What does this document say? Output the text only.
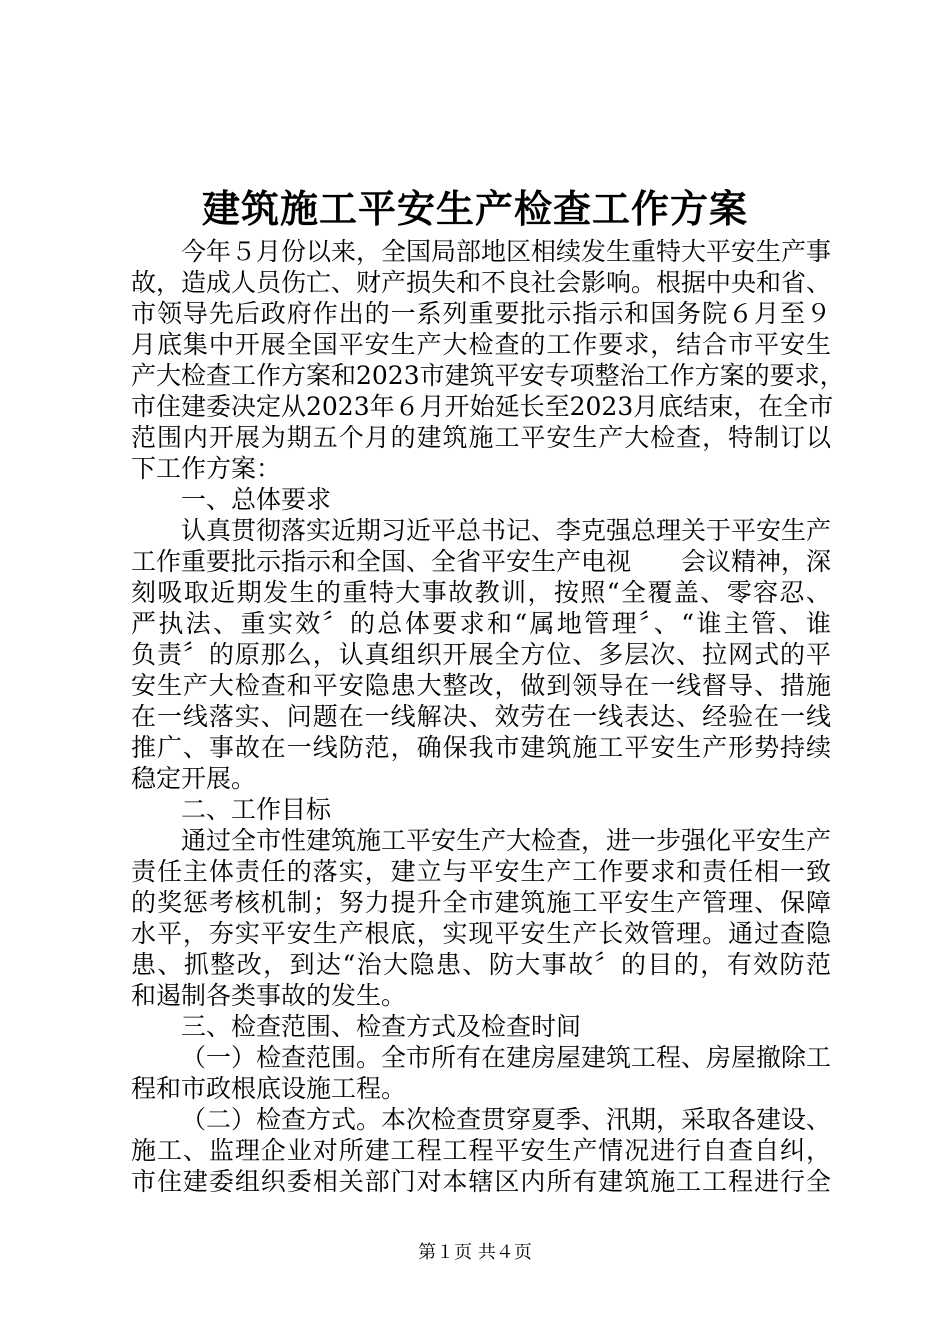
建筑施工平安生产检查工作方案
今年５月份以来，全国局部地区相续发生重特大平安生产事
故，造成人员伤亡、财产损失和不良社会影响。根据中央和省、
市领导先后政府作出的一系列重要批示指示和国务院６月至９
月底集中开展全国平安生产大检查的工作要求，结合市平安生
产大检查工作方案和2023市建筑平安专项整治工作方案的要求，
市住建委决定从2023年６月开始延长至2023月底结束，在全市
范围内开展为期五个月的建筑施工平安生产大检查，特制订以
下工作方案：
一、总体要求
认真贯彻落实近期习近平总书记、李克强总理关于平安生产
工作重要批示指示和全国、全省平安生产电视　　会议精神，深
刻吸取近期发生的重特大事故教训，按照“全覆盖、零容忍、
严执法、重实效〞的总体要求和“属地管理〞、“谁主管、谁
负责〞的原那么，认真组织开展全方位、多层次、拉网式的平
安生产大检查和平安隐患大整改，做到领导在一线督导、措施
在一线落实、问题在一线解决、效劳在一线表达、经验在一线
推广、事故在一线防范，确保我市建筑施工平安生产形势持续
稳定开展。
二、工作目标
通过全市性建筑施工平安生产大检查，进一步强化平安生产
责任主体责任的落实，建立与平安生产工作要求和责任相一致
的奖惩考核机制；努力提升全市建筑施工平安生产管理、保障
水平，夯实平安生产根底，实现平安生产长效管理。通过查隐
患、抓整改，到达“治大隐患、防大事故〞的目的，有效防范
和遏制各类事故的发生。
三、检查范围、检查方式及检查时间
（一）检查范围。全市所有在建房屋建筑工程、房屋撤除工
程和市政根底设施工程。
（二）检查方式。本次检查贯穿夏季、汛期，采取各建设、
施工、监理企业对所建工程工程平安生产情况进行自查自纠，
市住建委组织委相关部门对本辖区内所有建筑施工工程进行全
第１页 共４页
